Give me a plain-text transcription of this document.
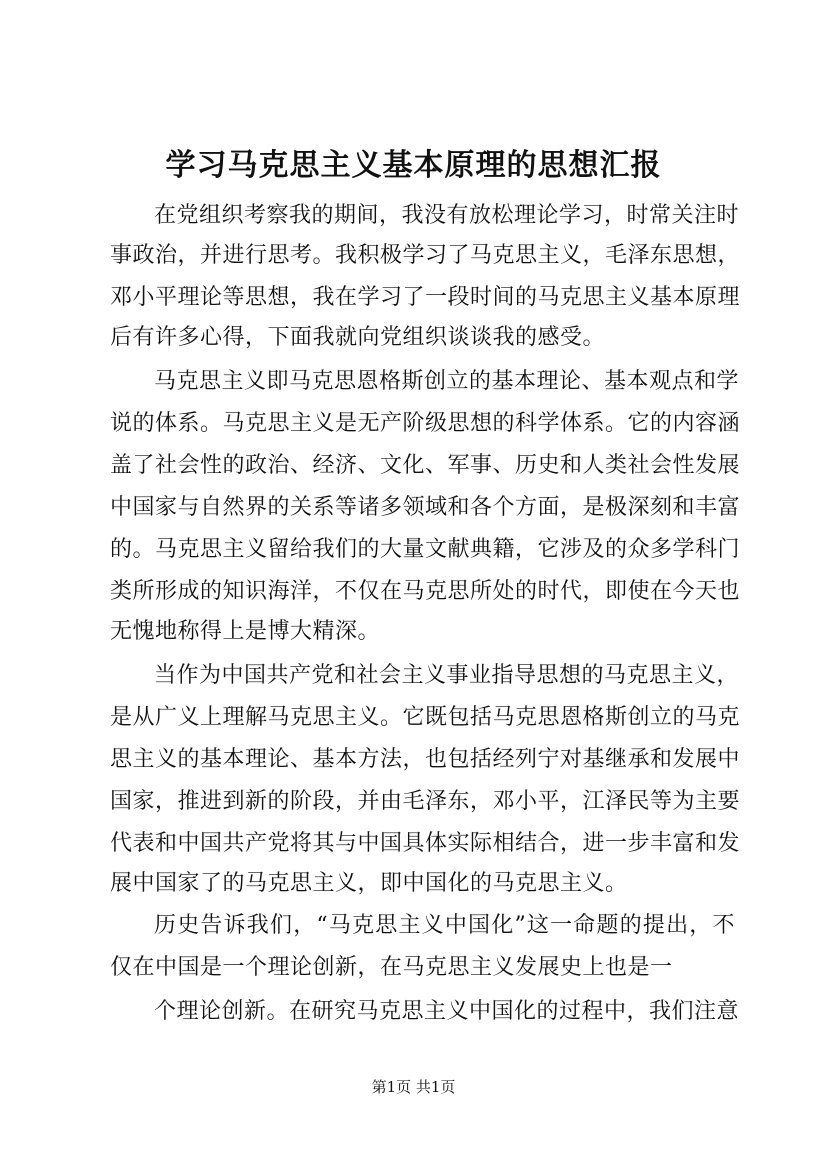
学习马克思主义基本原理的思想汇报
在党组织考察我的期间，我没有放松理论学习，时常关注时
事政治，并进行思考。我积极学习了马克思主义，毛泽东思想，
邓小平理论等思想，我在学习了一段时间的马克思主义基本原理
后有许多心得，下面我就向党组织谈谈我的感受。
马克思主义即马克思恩格斯创立的基本理论、基本观点和学
说的体系。马克思主义是无产阶级思想的科学体系。它的内容涵
盖了社会性的政治、经济、文化、军事、历史和人类社会性发展
中国家与自然界的关系等诸多领域和各个方面，是极深刻和丰富
的。马克思主义留给我们的大量文献典籍，它涉及的众多学科门
类所形成的知识海洋，不仅在马克思所处的时代，即使在今天也
无愧地称得上是博大精深。
当作为中国共产党和社会主义事业指导思想的马克思主义，
是从广义上理解马克思主义。它既包括马克思恩格斯创立的马克
思主义的基本理论、基本方法，也包括经列宁对基继承和发展中
国家，推进到新的阶段，并由毛泽东，邓小平，江泽民等为主要
代表和中国共产党将其与中国具体实际相结合，进一步丰富和发
展中国家了的马克思主义，即中国化的马克思主义。
历史告诉我们，“马克思主义中国化”这一命题的提出，不
仅在中国是一个理论创新，在马克思主义发展史上也是一
个理论创新。在研究马克思主义中国化的过程中，我们注意
第1页 共1页
